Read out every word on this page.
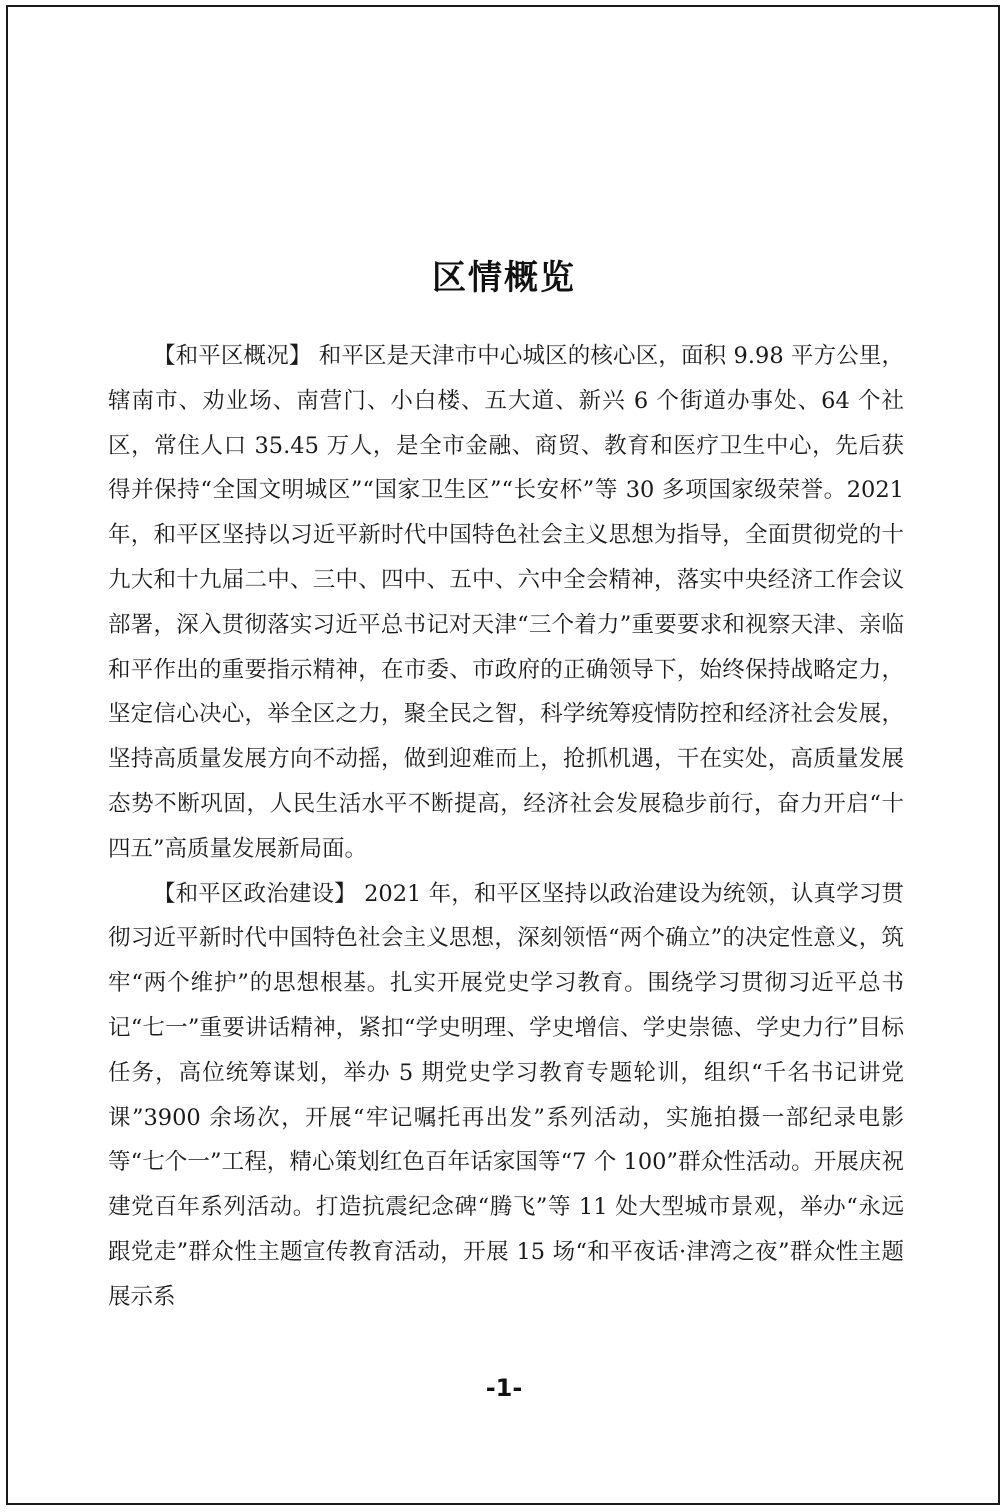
区情概览

【和平区概况】 和平区是天津市中心城区的核心区，面积 9.98 平方公里，辖南市、劝业场、南营门、小白楼、五大道、新兴 6 个街道办事处、64 个社区，常住人口 35.45 万人，是全市金融、商贸、教育和医疗卫生中心，先后获得并保持“全国文明城区”“国家卫生区”“长安杯”等 30 多项国家级荣誉。2021 年，和平区坚持以习近平新时代中国特色社会主义思想为指导，全面贯彻党的十九大和十九届二中、三中、四中、五中、六中全会精神，落实中央经济工作会议部署，深入贯彻落实习近平总书记对天津“三个着力”重要要求和视察天津、亲临和平作出的重要指示精神，在市委、市政府的正确领导下，始终保持战略定力，坚定信心决心，举全区之力，聚全民之智，科学统筹疫情防控和经济社会发展，坚持高质量发展方向不动摇，做到迎难而上，抢抓机遇，干在实处，高质量发展态势不断巩固，人民生活水平不断提高，经济社会发展稳步前行，奋力开启“十四五”高质量发展新局面。

【和平区政治建设】 2021 年，和平区坚持以政治建设为统领，认真学习贯彻习近平新时代中国特色社会主义思想，深刻领悟“两个确立”的决定性意义，筑牢“两个维护”的思想根基。扎实开展党史学习教育。围绕学习贯彻习近平总书记“七一”重要讲话精神，紧扣“学史明理、学史增信、学史崇德、学史力行”目标任务，高位统筹谋划，举办 5 期党史学习教育专题轮训，组织“千名书记讲党课”3900 余场次，开展“牢记嘱托再出发”系列活动，实施拍摄一部纪录电影等“七个一”工程，精心策划红色百年话家国等“7 个 100”群众性活动。开展庆祝建党百年系列活动。打造抗震纪念碑“腾飞”等 11 处大型城市景观，举办“永远跟党走”群众性主题宣传教育活动，开展 15 场“和平夜话·津湾之夜”群众性主题展示系

-1-
